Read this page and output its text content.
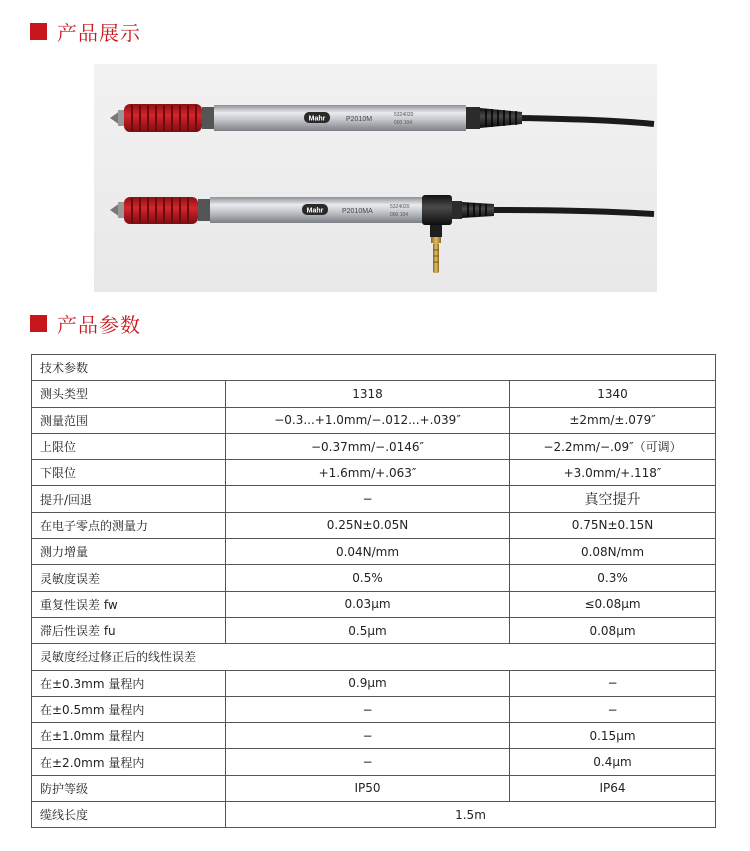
产品展示
Mahr	P2010M
5324020
000 104
Mahr	P2010MA
5324020
000 104
产品参数
技术参数		
测头类型	1318	1340
测量范围	−0.3...+1.0mm/−.012...+.039″	±2mm/±.079″
上限位	−0.37mm/−.0146″	−2.2mm/−.09″（可调）
下限位	+1.6mm/+.063″	+3.0mm/+.118″
提升/回退	−	真空提升
在电子零点的测量力	0.25N±0.05N	0.75N±0.15N
测力增量	0.04N/mm	0.08N/mm
灵敏度误差	0.5%	0.3%
重复性误差 fw	0.03μm	≤0.08μm
滞后性误差 fu	0.5μm	0.08μm
灵敏度经过修正后的线性误差		
在±0.3mm 量程内	0.9μm	−
在±0.5mm 量程内	−	−
在±1.0mm 量程内	−	0.15μm
在±2.0mm 量程内	−	0.4μm
防护等级	IP50	IP64
缆线长度	1.5m	
